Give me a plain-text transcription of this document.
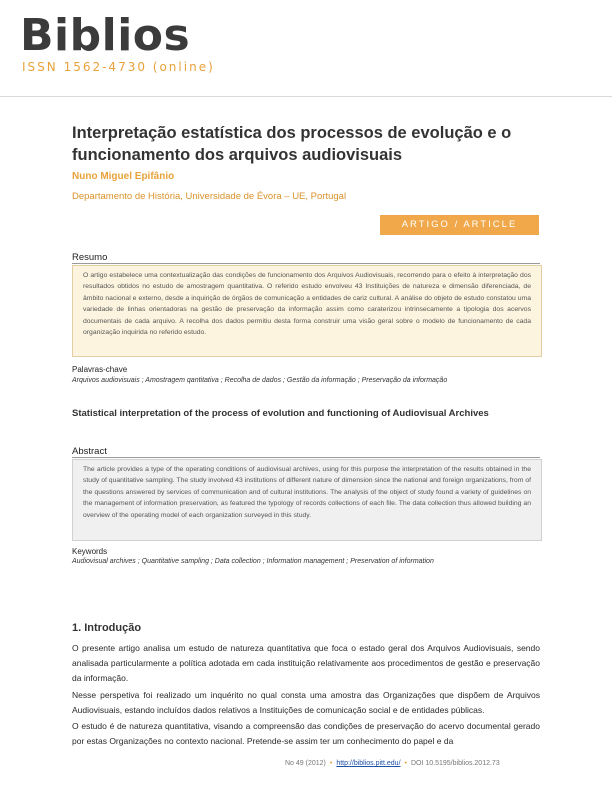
Biblios
ISSN 1562-4730 (online)
Interpretação estatística dos processos de evolução e o funcionamento dos arquivos audiovisuais
Nuno Miguel Epifânio
Departamento de História, Universidade de Évora – UE, Portugal
ARTIGO / ARTICLE
Resumo
O artigo estabelece uma contextualização das condições de funcionamento dos Arquivos Audiovisuais, recorrendo para o efeito à interpretação dos resultados obtidos no estudo de amostragem quantitativa. O referido estudo envolveu 43 Instituições de natureza e dimensão diferenciada, de âmbito nacional e externo, desde a inquirição de órgãos de comunicação a entidades de cariz cultural. A análise do objeto de estudo constatou uma variedade de linhas orientadoras na gestão de preservação da informação assim como caraterizou intrinsecamente a tipologia dos acervos documentais de cada arquivo. A recolha dos dados permitiu desta forma construir uma visão geral sobre o modelo de funcionamento de cada organização inquirida no referido estudo.
Palavras-chave
Arquivos audiovisuais ; Amostragem qantitativa ; Recolha de dados ; Gestão da informação ; Preservação da informação
Statistical interpretation of the process of evolution and functioning of Audiovisual Archives
Abstract
The article provides a type of the operating conditions of audiovisual archives, using for this purpose the interpretation of the results obtained in the study of quantitative sampling. The study involved 43 institutions of different nature of dimension since the national and foreign organizations, from of the questions answered by services of communication and of cultural institutions. The analysis of the object of study found a variety of guidelines on the management of information preservation, as featured the typology of records collections of each file. The data collection thus allowed building an overview of the operating model of each organization surveyed in this study.
Keywords
Audiovisual archives ; Quantitative sampling ; Data collection ; Information management ; Preservation of information
1. Introdução
O presente artigo analisa um estudo de natureza quantitativa que foca o estado geral dos Arquivos Audiovisuais, sendo analisada particularmente a política adotada em cada instituição relativamente aos procedimentos de gestão e preservação da informação.
Nesse perspetiva foi realizado um inquérito no qual consta uma amostra das Organizações que dispõem de Arquivos Audiovisuais, estando incluídos dados relativos a Instituições de comunicação social e de entidades públicas.
O estudo é de natureza quantitativa, visando a compreensão das condições de preservação do acervo documental gerado por estas Organizações no contexto nacional. Pretende-se assim ter um conhecimento do papel e da
No 49 (2012) • http://biblios.pitt.edu/ • DOI 10.5195/biblios.2012.73
